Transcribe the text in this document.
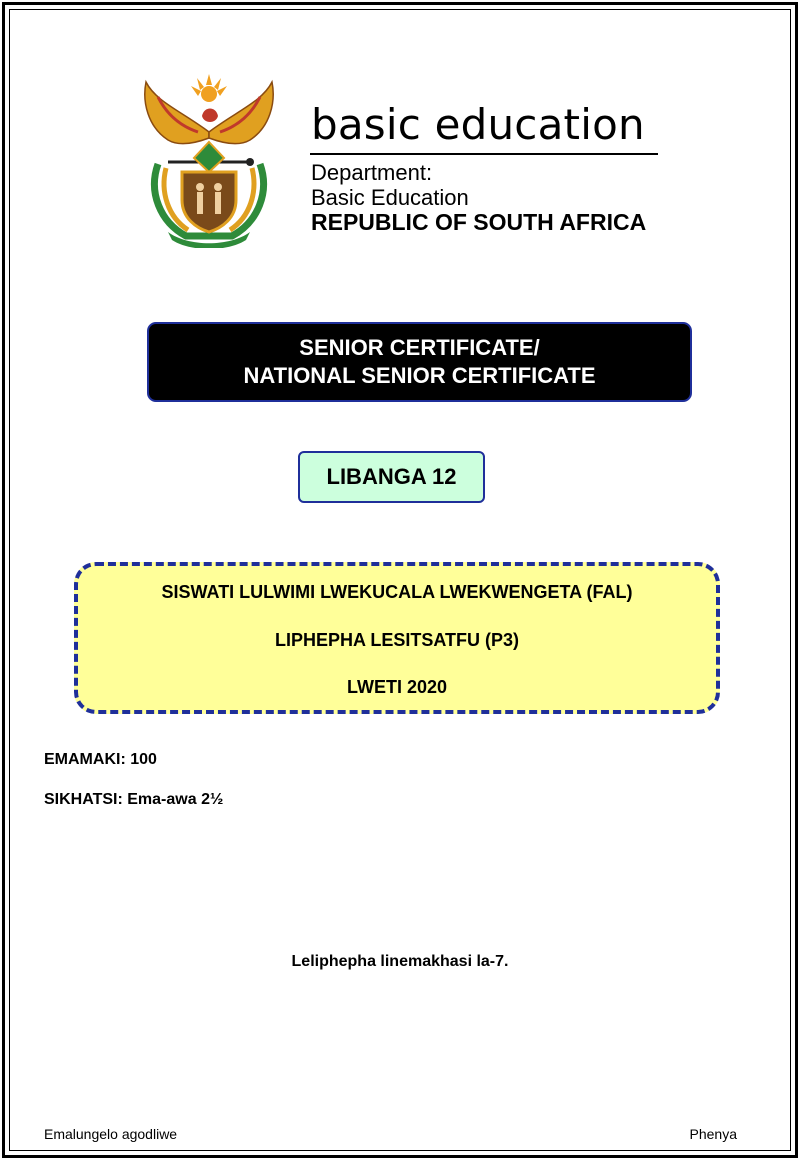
basic education
Department:
Basic Education
REPUBLIC OF SOUTH AFRICA
SENIOR CERTIFICATE/
NATIONAL SENIOR CERTIFICATE
LIBANGA 12
SISWATI LULWIMI LWEKUCALA LWEKWENGETA (FAL)
LIPHEPHA LESITSATFU (P3)
LWETI 2020
EMAMAKI: 100
SIKHATSI: Ema-awa 2½
Leliphepha linemakhasi la-7.
Emalungelo agodliwe	Phenya
